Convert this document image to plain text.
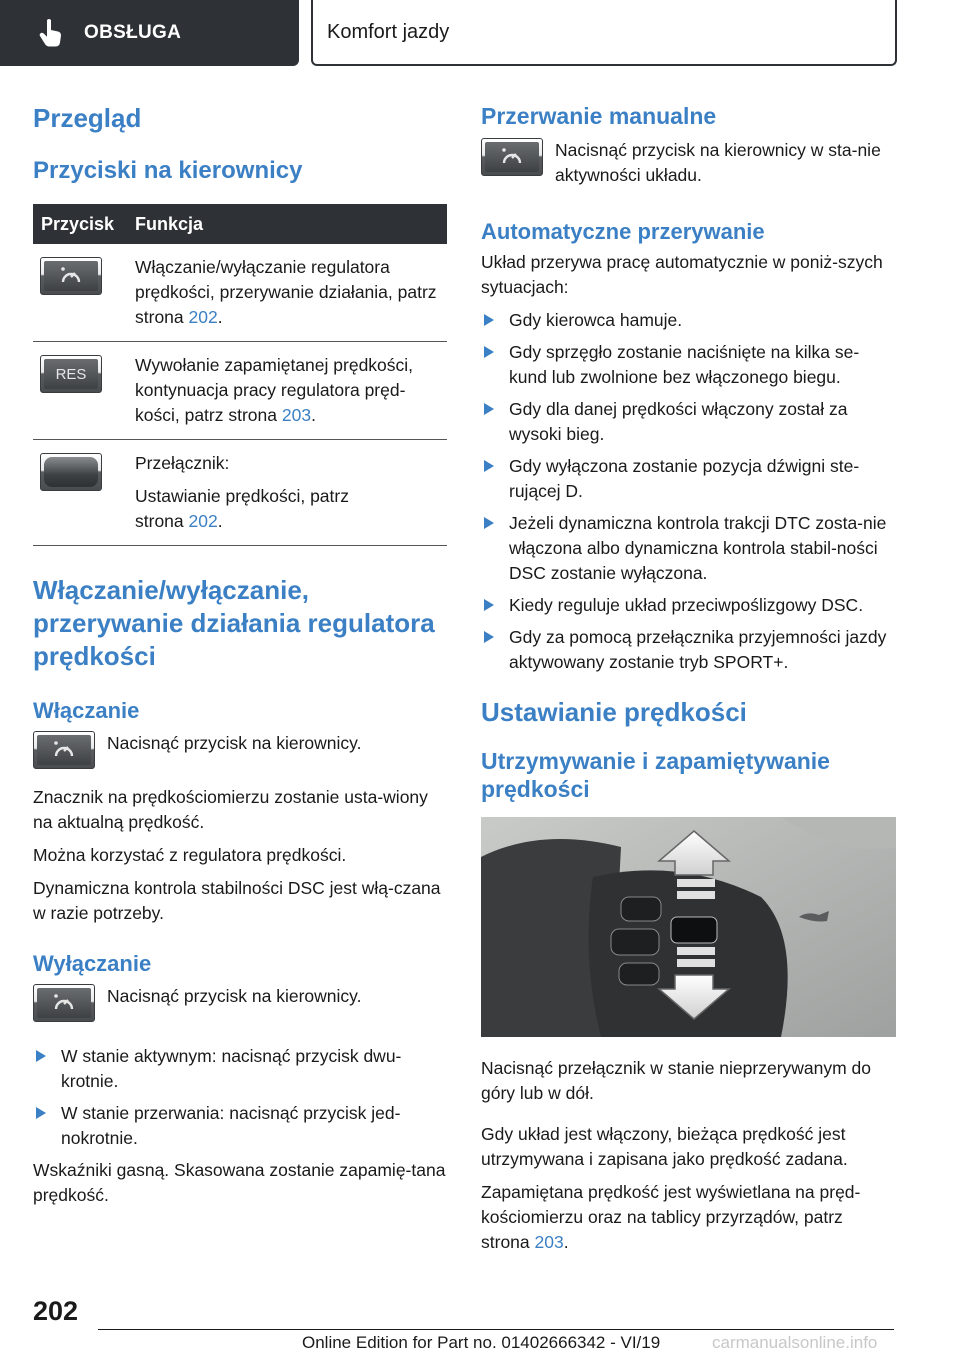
OBSŁUGA	Komfort jazdy
Przegląd
Przyciski na kierownicy
Przycisk	Funkcja

	Włączanie/wyłączanie regulatora prędkości, przerywanie działania, patrz strona 202.

RES	Wywołanie zapamiętanej prędkości, kontynuacja pracy regulatora pręd-kości, patrz strona 203.

	Przełącznik:
Ustawianie prędkości, patrz
strona 202.
Włączanie/wyłączanie, przerywanie działania regulatora prędkości
Włączanie

Nacisnąć przycisk na kierownicy.

Znacznik na prędkościomierzu zostanie usta-wiony na aktualną prędkość.

Można korzystać z regulatora prędkości.

Dynamiczna kontrola stabilności DSC jest włą-czana w razie potrzeby.

Wyłączanie

Nacisnąć przycisk na kierownicy.

W stanie aktywnym: nacisnąć przycisk dwu-krotnie.
W stanie przerwania: nacisnąć przycisk jed-nokrotnie.

Wskaźniki gasną. Skasowana zostanie zapamię-tana prędkość.

Przerwanie manualne

Nacisnąć przycisk na kierownicy w sta-nie aktywności układu.

Automatyczne przerywanie

Układ przerywa pracę automatycznie w poniż-szych sytuacjach:

Gdy kierowca hamuje.
Gdy sprzęgło zostanie naciśnięte na kilka se-kund lub zwolnione bez włączonego biegu.
Gdy dla danej prędkości włączony został za wysoki bieg.
Gdy wyłączona zostanie pozycja dźwigni ste-rującej D.
Jeżeli dynamiczna kontrola trakcji DTC zosta-nie włączona albo dynamiczna kontrola stabil-ności DSC zostanie wyłączona.
Kiedy reguluje układ przeciwpoślizgowy DSC.
Gdy za pomocą przełącznika przyjemności jazdy aktywowany zostanie tryb SPORT+.
Ustawianie prędkości
Utrzymywanie i zapamiętywanie prędkości

Nacisnąć przełącznik w stanie nieprzerywanym do góry lub w dół.

Gdy układ jest włączony, bieżąca prędkość jest utrzymywana i zapisana jako prędkość zadana.

Zapamiętana prędkość jest wyświetlana na pręd-kościomierzu oraz na tablicy przyrządów, patrz strona 203.

202
Online Edition for Part no. 01402666342 - VI/19	carmanualsonline.info
